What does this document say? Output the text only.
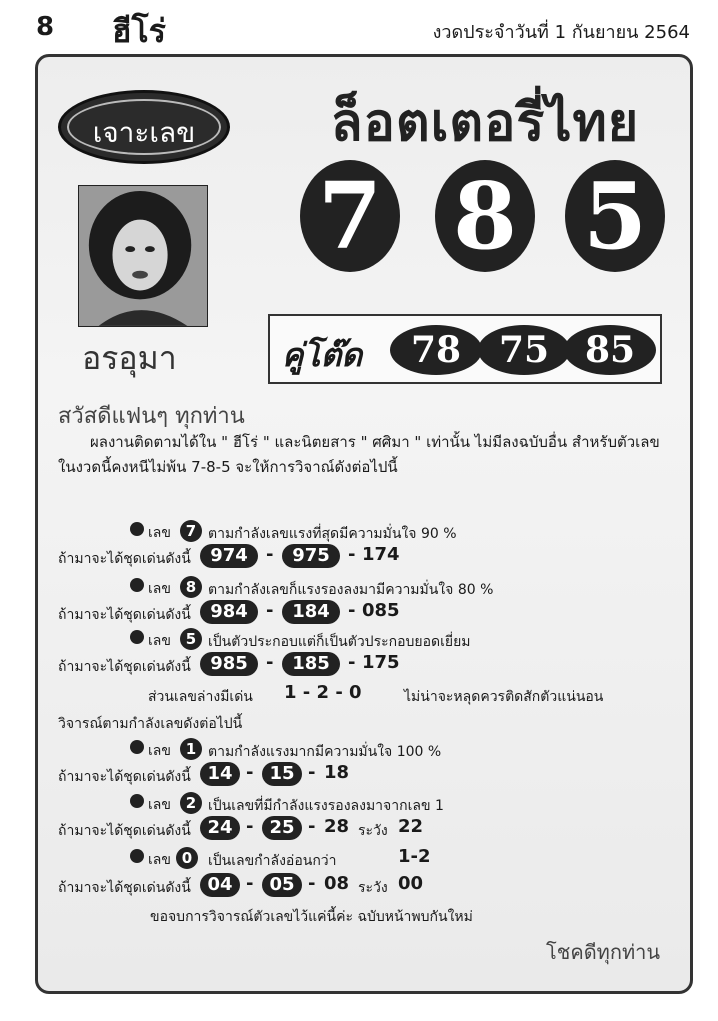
8 ฮีโร่	งวดประจำวันที่ 1 กันยายน 2564
เจาะเลข	ล็อตเตอรี่ไทย
7 8 5
อรอุมา	คู่โต๊ด	78	75 85
สวัสดีแฟนๆ ทุกท่าน
ผลงานติดตามได้ใน " ฮีโร่ " และนิตยสาร " ศศิมา " เท่านั้น ไม่มีลงฉบับอื่น สำหรับตัวเลข
ในงวดนี้คงหนีไม่พ้น 7-8-5 จะให้การวิจาณ์ดังต่อไปนี้
เลข 7 ตามกำลังเลขแรงที่สุดมีความมั่นใจ 90 %
ถ้ามาจะได้ชุดเด่นดังนี้	974	-	975	- 174
เลข 8 ตามกำลังเลขก็แรงรองลงมามีความมั่นใจ 80 %
ถ้ามาจะได้ชุดเด่นดังนี้	984	-	184	- 085
เลข 5 เป็นตัวประกอบแต่ก็เป็นตัวประกอบยอดเยี่ยม
ถ้ามาจะได้ชุดเด่นดังนี้	985	-	185	- 175
ส่วนเลขล่างมีเด่น 1 - 2 - 0	ไม่น่าจะหลุดควรติดสักตัวแน่นอน
วิจารณ์ตามกำลังเลขดังต่อไปนี้
เลข 1 ตามกำลังแรงมากมีความมั่นใจ 100 %
ถ้ามาจะได้ชุดเด่นดังนี้ 14 - 15 - 18
เลข 2 เป็นเลขที่มีกำลังแรงรองลงมาจากเลข 1
ถ้ามาจะได้ชุดเด่นดังนี้ 24 - 25 - 28 ระวัง 22
เลข 0	เป็นเลขกำลังอ่อนกว่า	1-2
ถ้ามาจะได้ชุดเด่นดังนี้ 04 - 05 - 08 ระวัง 00
ขอจบการวิจารณ์ตัวเลขไว้แค่นี้ค่ะ ฉบับหน้าพบกันใหม่
โชคดีทุกท่าน
